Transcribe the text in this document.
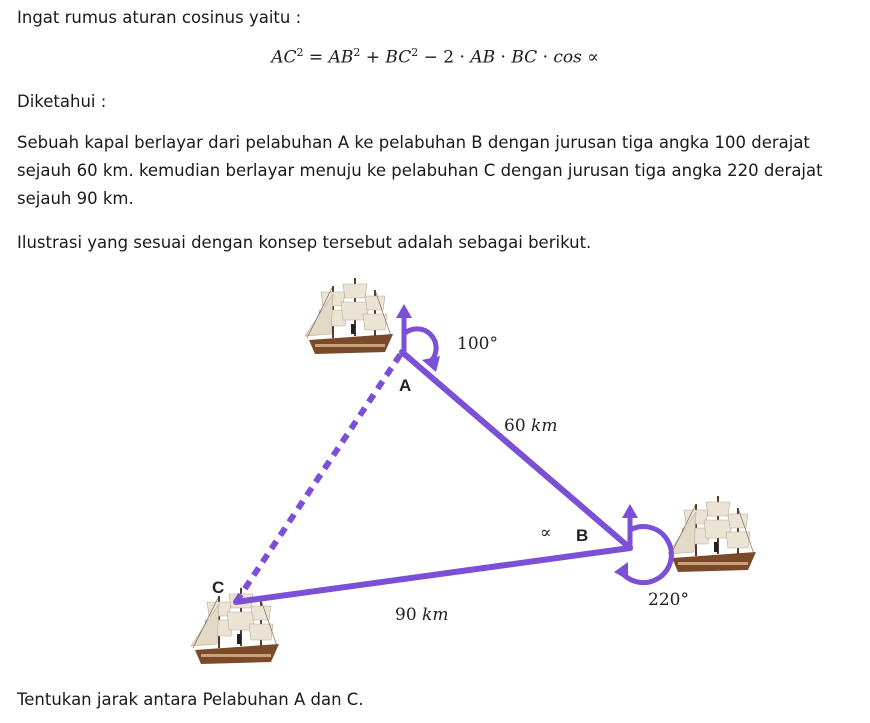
Ingat rumus aturan cosinus yaitu :
$AC^2 = AB^2 + BC^2 - 2$ · AB · BC · cos ∝
Diketahui :
Sebuah kapal berlayar dari pelabuhan A ke pelabuhan B dengan jurusan tiga angka 100 derajat
sejauh 60 km. kemudian berlayar menuju ke pelabuhan C dengan jurusan tiga angka 220 derajat
sejauh 90 km.
Ilustrasi yang sesuai dengan konsep tersebut adalah sebagai berikut.
A
B
C
100°
220°
60 km
90 km
∝
Tentukan jarak antara Pelabuhan A dan C.
